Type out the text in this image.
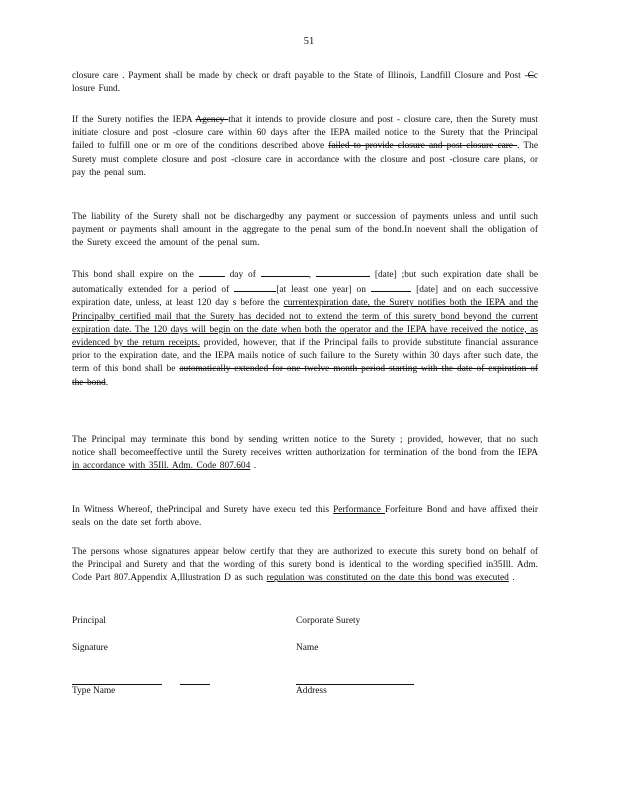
51

closure care . Payment shall be made by check or draft payable to the State of Illinois, Landfill Closure and Post -Cc losure Fund.

If the Surety notifies the IEPA Agency that it intends to provide closure and post - closure care, then the Surety must initiate closure and post -closure care within 60 days after the IEPA mailed notice to the Surety that the Principal failed to fulfill one or m ore of the conditions described above failed to provide closure and post closure care . The Surety must complete closure and post -closure care in accordance with the closure and post -closure care plans, or pay the penal sum.

The liability of the Surety shall not be dischargedby any payment or succession of payments unless and until such payment or payments shall amount in the aggregate to the penal sum of the bond.In noevent shall the obligation of the Surety exceed the amount of the penal sum.

This bond shall expire on the	day of	,	[date] ;but such expiration date shall be automatically extended for a period of	[at least one year] on	[date] and on each successive expiration date, unless, at least 120 day s before the currentexpiration date, the Surety notifies both the IEPA and the Principalby certified mail that the Surety has decided not to extend the term of this surety bond beyond the current expiration date. The 120 days will begin on the date when both the operator and the IEPA have received the notice, as evidenced by the return receipts. provided, however, that if the Principal fails to provide substitute financial assurance prior to the expiration date, and the IEPA mails notice of such failure to the Surety within 30 days after such date, the term of this bond shall be automatically extended for one twelve month period starting with the date of expiration of the bond.

The Principal may terminate this bond by sending written notice to the Surety ; provided, however, that no such notice shall becomeeffective until the Surety receives written authorization for termination of the bond from the IEPA in accordance with 35Ill. Adm. Code 807.604 .

In Witness Whereof, thePrincipal and Surety have execu ted this Performance Forfeiture Bond and have affixed their seals on the date set forth above.

The persons whose signatures appear below certify that they are authorized to execute this surety bond on behalf of the Principal and Surety and that the wording of this surety bond is identical to the wording specified in35Ill. Adm. Code Part 807.Appendix A,Illustration D as such regulation was constituted on the date this bond was executed .

Principal	Corporate Surety
Signature	Name
Type Name	Address
